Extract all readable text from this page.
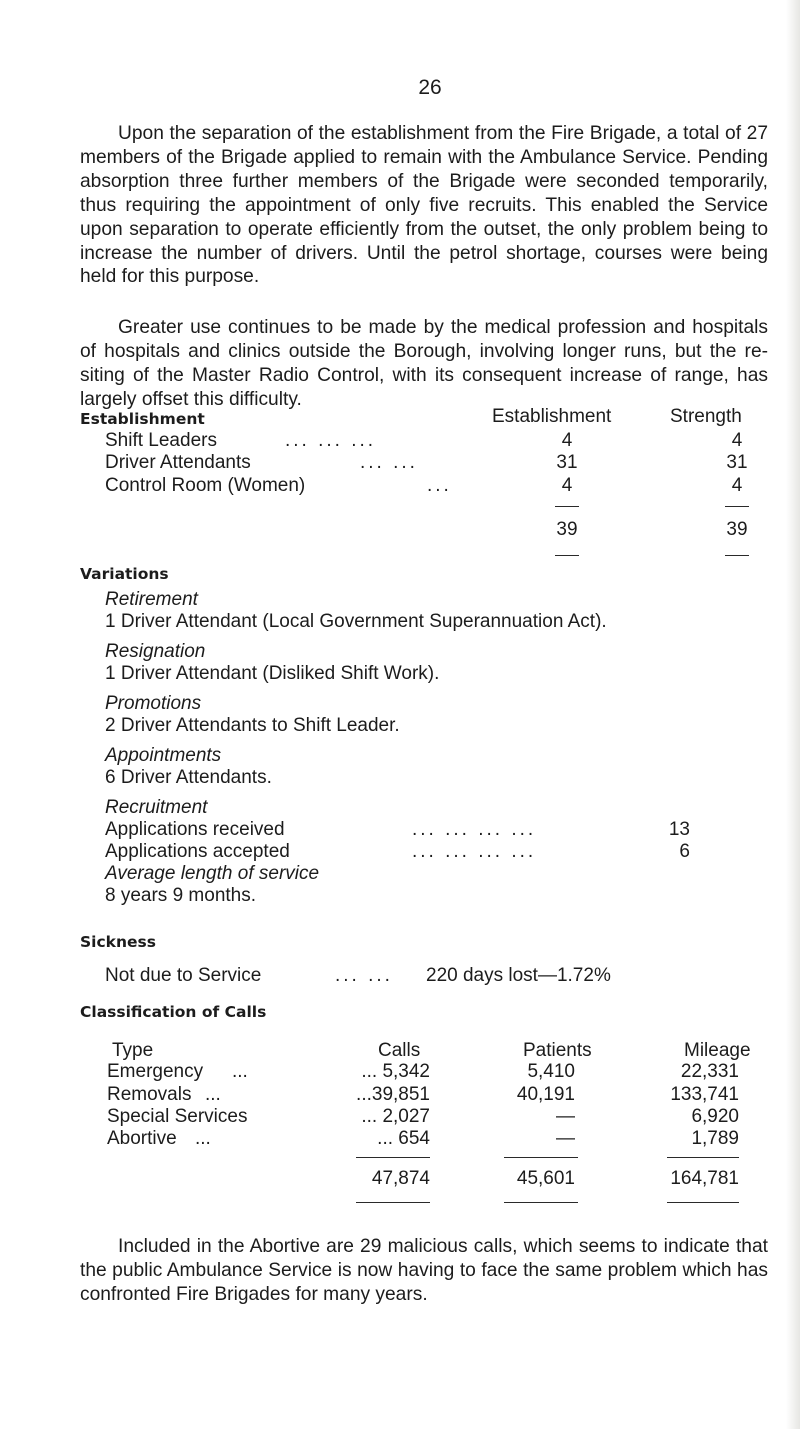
26

Upon the separation of the establishment from the Fire Brigade, a total of 27 members of the Brigade applied to remain with the Ambulance Service. Pending absorption three further members of the Brigade were seconded temporarily, thus requiring the appointment of only five recruits. This enabled the Service upon separation to operate efficiently from the outset, the only problem being to increase the number of drivers. Until the petrol shortage, courses were being held for this purpose.

Greater use continues to be made by the medical profession and hospitals of hospitals and clinics outside the Borough, involving longer runs, but the re-siting of the Master Radio Control, with its consequent increase of range, has largely offset this difficulty.

Establishment	Establishment	Strength
Shift Leaders	... ... ...	4	4
Driver Attendants	... ...	31	31
Control Room (Women)	...	4	4
39	39
Variations
Retirement
1 Driver Attendant (Local Government Superannuation Act).
Resignation
1 Driver Attendant (Disliked Shift Work).
Promotions
2 Driver Attendants to Shift Leader.
Appointments
6 Driver Attendants.
Recruitment
Applications received	... ... ... ...	13
Applications accepted	... ... ... ...	6
Average length of service
8 years 9 months.
Sickness
Not due to Service	... ... 220 days lost—1.72%
Classification of Calls
Type	Calls	Patients	Mileage
Emergency ...	... 5,342	5,410	22,331
Removals ...	...39,851	40,191	133,741
Special Services	... 2,027	—	6,920
Abortive ...	... 654	—	1,789
47,874	45,601	164,781

Included in the Abortive are 29 malicious calls, which seems to indicate that the public Ambulance Service is now having to face the same problem which has confronted Fire Brigades for many years.
